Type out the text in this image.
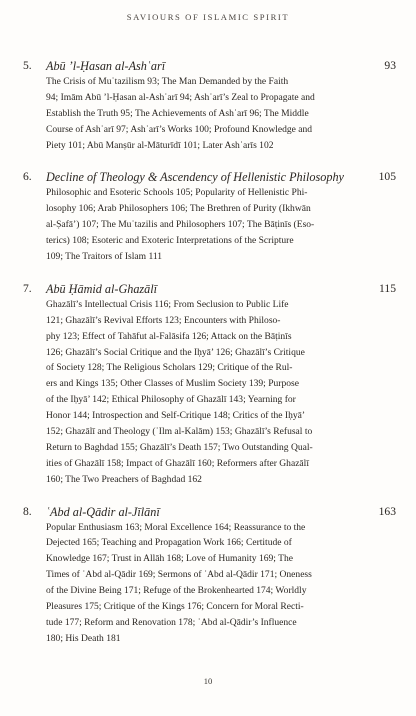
SAVIOURS OF ISLAMIC SPIRIT
5. Abū ’l-Ḥasan al-Ashʿarī	93
The Crisis of Muʿtazilism 93; The Man Demanded by the Faith
94; Imām Abū ’l-Ḥasan al-Ashʿarī 94; Ashʿarī’s Zeal to Propagate and
Establish the Truth 95; The Achievements of Ashʿarī 96; The Middle
Course of Ashʿarī 97; Ashʿarī’s Works 100; Profound Knowledge and
Piety 101; Abū Manṣūr al-Māturīdī 101; Later Ashʿarīs 102
6. Decline of Theology & Ascendency of Hellenistic Philosophy	105
Philosophic and Esoteric Schools 105; Popularity of Hellenistic Phi-
losophy 106; Arab Philosophers 106; The Brethren of Purity (Ikhwān
al-Ṣafā’) 107; The Muʿtazilis and Philosophers 107; The Bāṭinīs (Eso-
terics) 108; Esoteric and Exoteric Interpretations of the Scripture
109; The Traitors of Islam 111
7. Abū Ḥāmid al-Ghazālī	115
Ghazālī’s Intellectual Crisis 116; From Seclusion to Public Life
121; Ghazālī’s Revival Efforts 123; Encounters with Philoso-
phy 123; Effect of Tahāfut al-Falāsifa 126; Attack on the Bāṭinīs
126; Ghazālī’s Social Critique and the Iḥyā’ 126; Ghazālī’s Critique
of Society 128; The Religious Scholars 129; Critique of the Rul-
ers and Kings 135; Other Classes of Muslim Society 139; Purpose
of the Iḥyā’ 142; Ethical Philosophy of Ghazālī 143; Yearning for
Honor 144; Introspection and Self-Critique 148; Critics of the Iḥyā’
152; Ghazālī and Theology (ʿIlm al-Kalām) 153; Ghazālī’s Refusal to
Return to Baghdad 155; Ghazālī’s Death 157; Two Outstanding Qual-
ities of Ghazālī 158; Impact of Ghazālī 160; Reformers after Ghazālī
160; The Two Preachers of Baghdad 162
8. ʿAbd al-Qādir al-Jīlānī	163
Popular Enthusiasm 163; Moral Excellence 164; Reassurance to the
Dejected 165; Teaching and Propagation Work 166; Certitude of
Knowledge 167; Trust in Allāh 168; Love of Humanity 169; The
Times of ʿAbd al-Qādir 169; Sermons of ʿAbd al-Qādir 171; Oneness
of the Divine Being 171; Refuge of the Brokenhearted 174; Worldly
Pleasures 175; Critique of the Kings 176; Concern for Moral Recti-
tude 177; Reform and Renovation 178; ʿAbd al-Qādir’s Influence
180; His Death 181
10
